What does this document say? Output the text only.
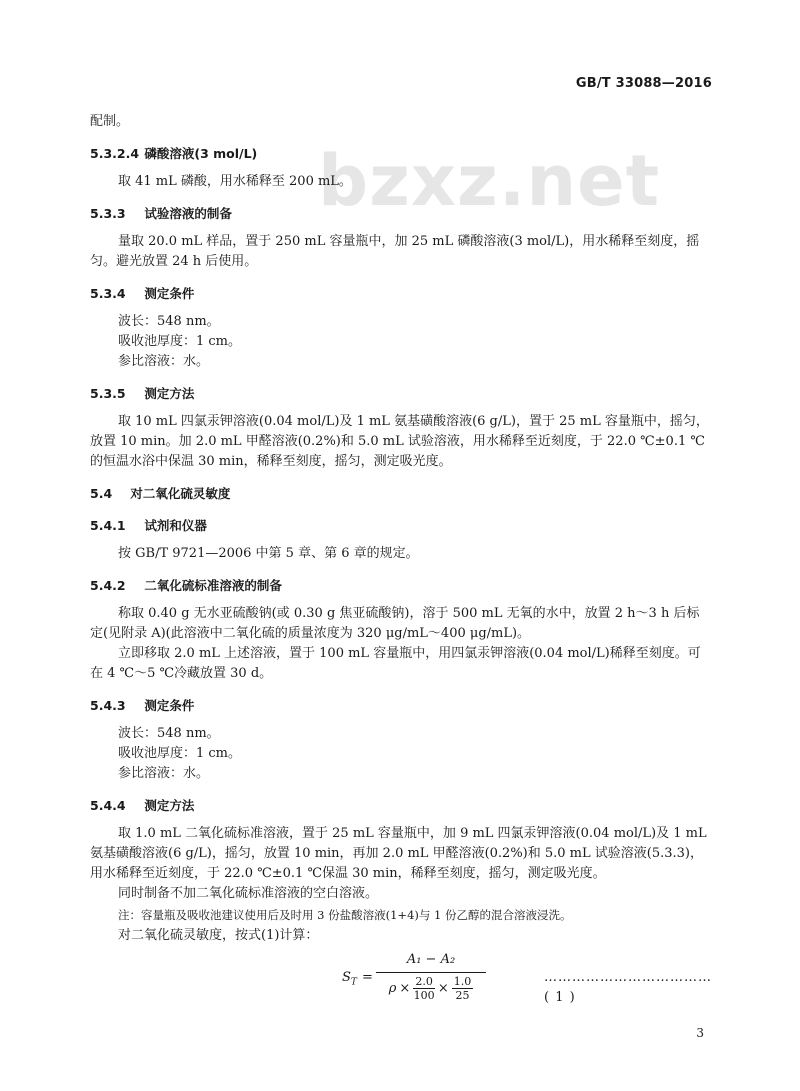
GB/T 33088—2016
bzxz.net

配制。

5.3.2.4 磷酸溶液(3 mol/L)

取 41 mL 磷酸，用水稀释至 200 mL。

5.3.3 试验溶液的制备

量取 20.0 mL 样品，置于 250 mL 容量瓶中，加 25 mL 磷酸溶液(3 mol/L)，用水稀释至刻度，摇匀。避光放置 24 h 后使用。

5.3.4 测定条件
波长：548 nm。
吸收池厚度：1 cm。
参比溶液：水。
5.3.5 测定方法

取 10 mL 四氯汞钾溶液(0.04 mol/L)及 1 mL 氨基磺酸溶液(6 g/L)，置于 25 mL 容量瓶中，摇匀，放置 10 min。加 2.0 mL 甲醛溶液(0.2%)和 5.0 mL 试验溶液，用水稀释至近刻度，于 22.0 ℃±0.1 ℃的恒温水浴中保温 30 min，稀释至刻度，摇匀，测定吸光度。

5.4 对二氧化硫灵敏度
5.4.1 试剂和仪器

按 GB/T 9721—2006 中第 5 章、第 6 章的规定。

5.4.2 二氧化硫标准溶液的制备

称取 0.40 g 无水亚硫酸钠(或 0.30 g 焦亚硫酸钠)，溶于 500 mL 无氧的水中，放置 2 h～3 h 后标定(见附录 A)(此溶液中二氧化硫的质量浓度为 320 μg/mL～400 μg/mL)。

立即移取 2.0 mL 上述溶液，置于 100 mL 容量瓶中，用四氯汞钾溶液(0.04 mol/L)稀释至刻度。可在 4 ℃～5 ℃冷藏放置 30 d。

5.4.3 测定条件
波长：548 nm。
吸收池厚度：1 cm。
参比溶液：水。
5.4.4 测定方法

取 1.0 mL 二氧化硫标准溶液，置于 25 mL 容量瓶中，加 9 mL 四氯汞钾溶液(0.04 mol/L)及 1 mL 氨基磺酸溶液(6 g/L)，摇匀，放置 10 min，再加 2.0 mL 甲醛溶液(0.2%)和 5.0 mL 试验溶液(5.3.3)，用水稀释至近刻度，于 22.0 ℃±0.1 ℃保温 30 min，稀释至刻度，摇匀，测定吸光度。

同时制备不加二氧化硫标准溶液的空白溶液。

注：容量瓶及吸收池建议使用后及时用 3 份盐酸溶液(1+4)与 1 份乙醇的混合溶液浸洗。

对二氧化硫灵敏度，按式(1)计算：

$S_T$ =
A₁ − A₂
$\rho \times \frac{2.0}{100} \times \frac{1.0}{25}$	………………………………( 1 )
3
